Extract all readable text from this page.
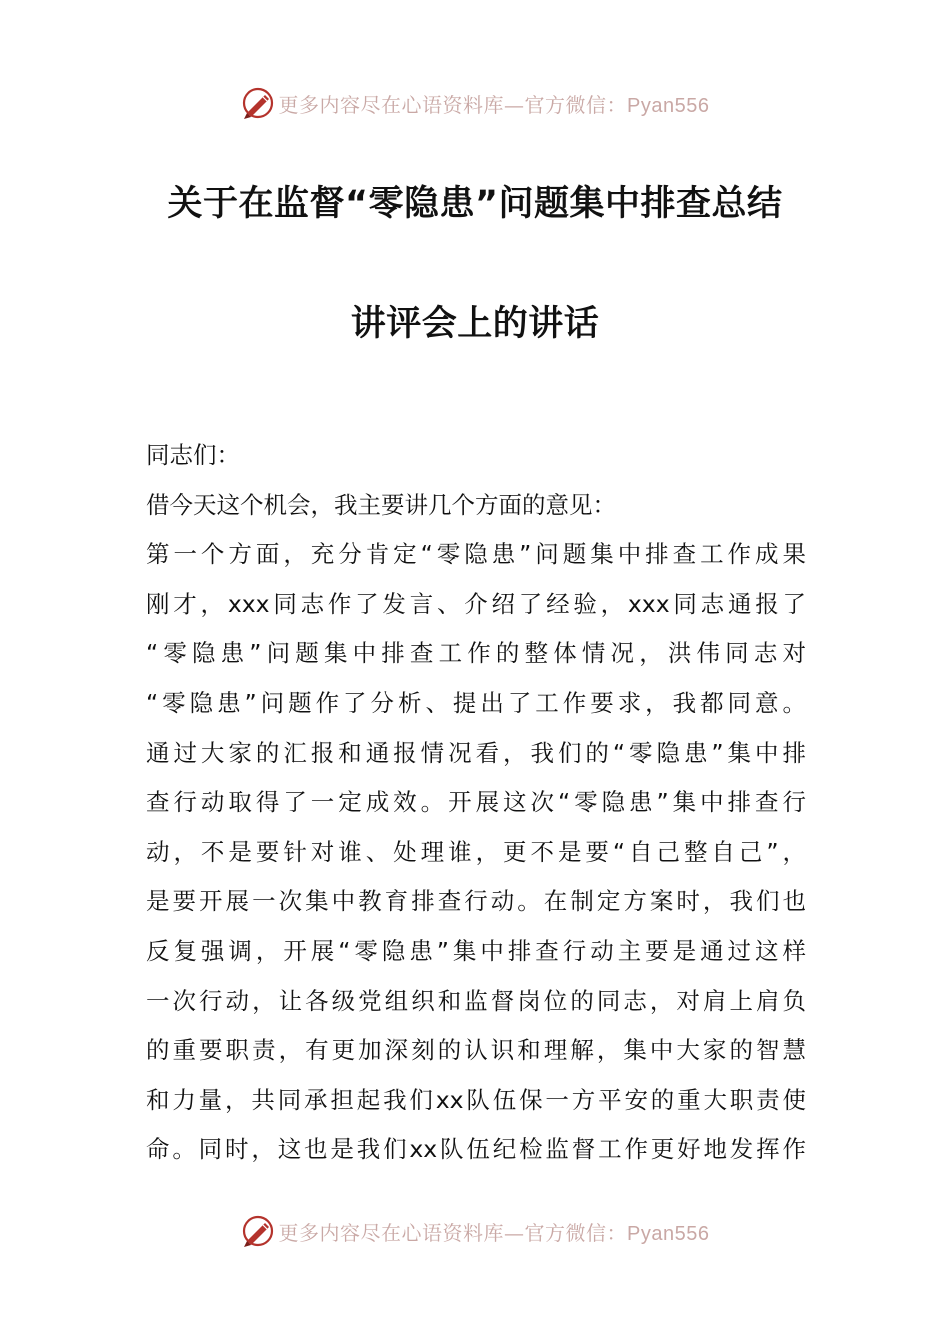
更多内容尽在心语资料库—官方微信：Pyan556
关于在监督“零隐患”问题集中排查总结
讲评会上的讲话
同志们：
借今天这个机会，我主要讲几个方面的意见：
第一个方面，充分肯定“零隐患”问题集中排查工作成果
刚才，xxx同志作了发言、介绍了经验，xxx同志通报了
“零隐患”问题集中排查工作的整体情况，洪伟同志对
“零隐患”问题作了分析、提出了工作要求，我都同意。
通过大家的汇报和通报情况看，我们的“零隐患”集中排
查行动取得了一定成效。开展这次“零隐患”集中排查行
动，不是要针对谁、处理谁，更不是要“自己整自己”，
是要开展一次集中教育排查行动。在制定方案时，我们也
反复强调，开展“零隐患”集中排查行动主要是通过这样
一次行动，让各级党组织和监督岗位的同志，对肩上肩负
的重要职责，有更加深刻的认识和理解，集中大家的智慧
和力量，共同承担起我们xx队伍保一方平安的重大职责使
命。同时，这也是我们xx队伍纪检监督工作更好地发挥作
更多内容尽在心语资料库—官方微信：Pyan556
